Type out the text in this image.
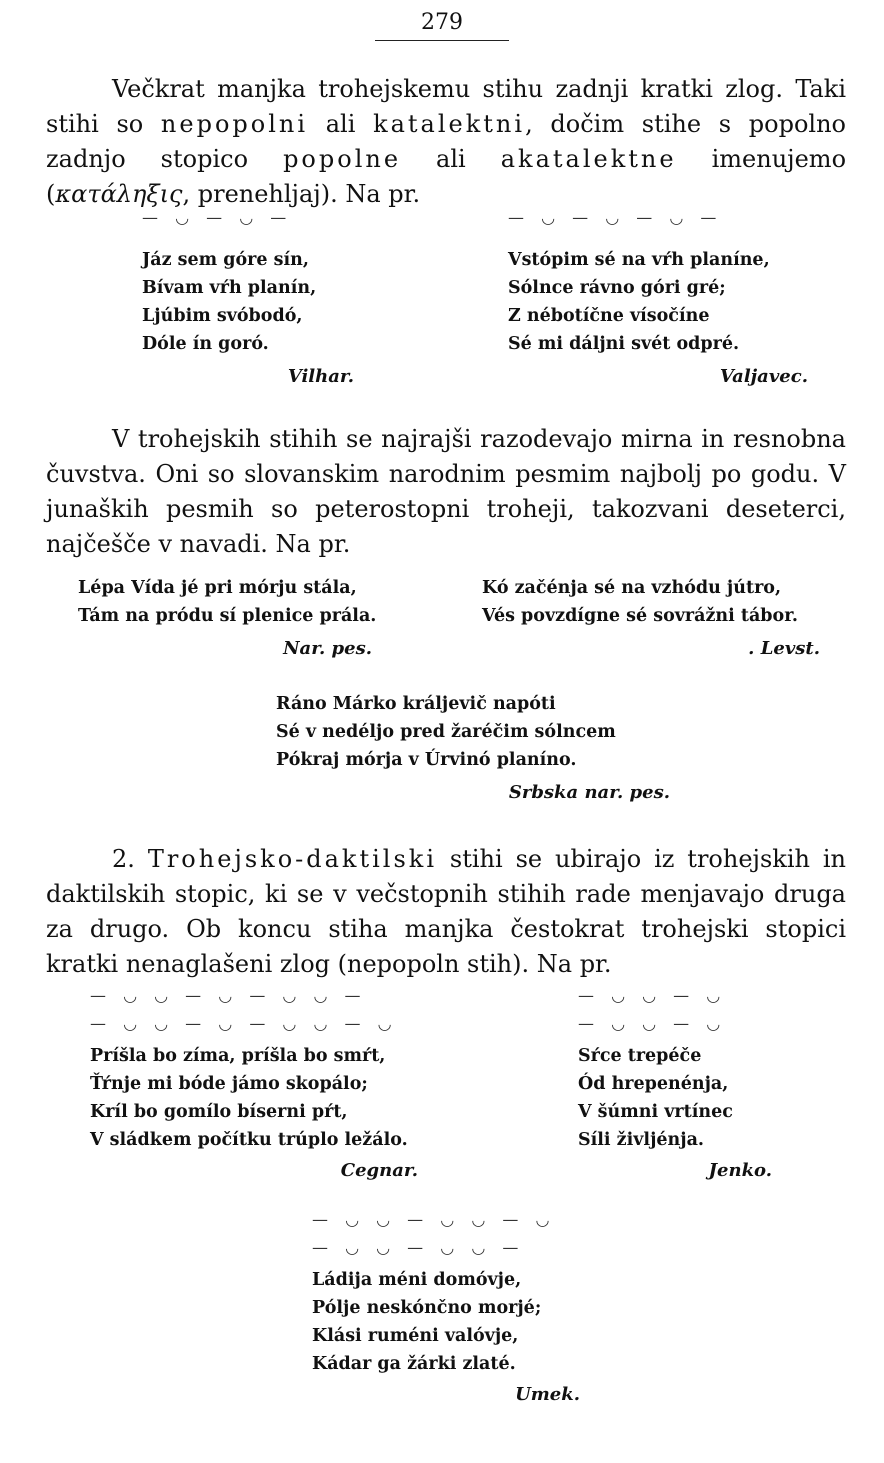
279

Večkrat manjka trohejskemu stihu zadnji kratki zlog. Taki stihi so nepopolni ali katalektni, dočim stihe s popolno zadnjo stopico popolne ali akatalektne imenujemo (κατάληξις, prenehljaj). Na pr.

— ◡ — ◡ —
Jáz sem góre sín,
Bívam vŕh planín,
Ljúbim svóbodó,
Dóle ín goró.
Vilhar.
— ◡ — ◡ — ◡ —
Vstópim sé na vŕh planíne,
Sólnce rávno góri gré;
Z nébotíčne vísočíne
Sé mi dáljni svét odpré.
Valjavec.

V trohejskih stihih se najrajši razodevajo mirna in resnobna čuvstva. Oni so slovanskim narodnim pesmim najbolj po godu. V junaških pesmih so peterostopni troheji, takozvani deseterci, najčešče v navadi. Na pr.

Lépa Vída jé pri mórju stála,
Tám na pródu sí plenice prála.
Nar. pes.
Kó začénja sé na vzhódu jútro,
Vés povzdígne sé sovrážni tábor.
. Levst.
Ráno Márko králjevič napóti
Sé v nedéljo pred žaréčim sólncem
Pókraj mórja v Úrvinó planíno.
Srbska nar. pes.

2. Trohejsko-daktilski stihi se ubirajo iz trohejskih in daktilskih stopic, ki se v večstopnih stihih rade menjavajo druga za drugo. Ob koncu stiha manjka čestokrat trohejski stopici kratki nenaglašeni zlog (nepopoln stih). Na pr.

— ◡ ◡ — ◡ — ◡ ◡ —
— ◡ ◡ — ◡ — ◡ ◡ — ◡
Príšla bo zíma, príšla bo smŕt,
Ťŕnje mi bóde jámo skopálo;
Kríl bo gomílo bíserni pŕt,
V sládkem počítku trúplo ležálo.
Cegnar.
— ◡ ◡ — ◡
— ◡ ◡ — ◡
Sŕce trepéče
Ód hrepenénja,
V šúmni vrtínec
Síli življénja.
Jenko.
— ◡ ◡ — ◡ ◡ — ◡
— ◡ ◡ — ◡ ◡ —
Ládija méni domóvje,
Pólje neskónčno morjé;
Klási ruméni valóvje,
Kádar ga žárki zlaté.
Umek.
